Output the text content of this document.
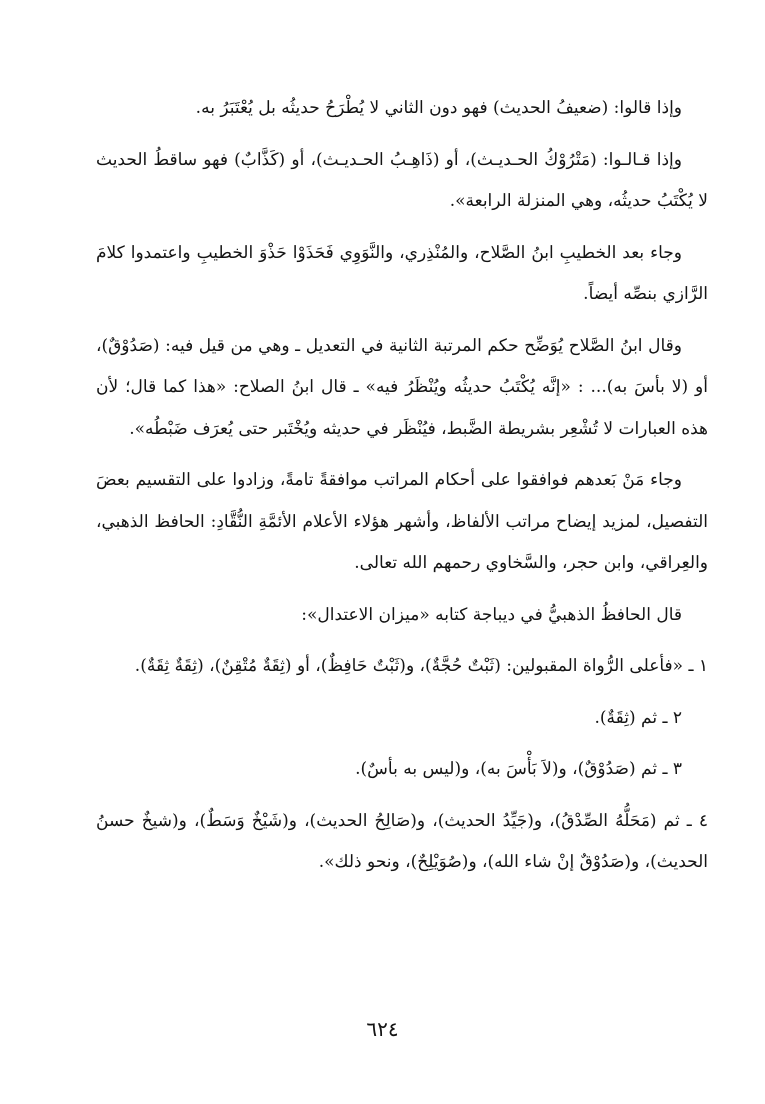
وإذا قالوا: (ضعيفُ الحديث) فهو دون الثاني لا يُطْرَحُ حديثُه بل يُعْتَبَرُ به.

وإذا قـالـوا: (مَتْرُوْكُ الحـديـث)، أو (ذَاهِـبُ الحـديـث)، أو (كَذَّابٌ) فهو ساقطُ الحديث لا يُكْتَبُ حديثُه، وهي المنزلة الرابعة».

وجاء بعد الخطيبِ ابنُ الصَّلاح، والمُنْذِري، والنَّوَوِي فَحَذَوْا حَذْوَ الخطيبِ واعتمدوا كلامَ الرَّازي بنصِّه أيضاً.

وقال ابنُ الصَّلاح يُوَضِّح حكم المرتبة الثانية في التعديل ـ وهي من قيل فيه: (صَدُوْقٌ)، أو (لا بأسَ به)... : «إنَّه يُكْتَبُ حديثُه ويُنْظَرُ فيه» ـ قال ابنُ الصلاح: «هذا كما قال؛ لأن هذه العبارات لا تُشْعِر بشريطة الضَّبط، فيُنْظَر في حديثه ويُخْتَبر حتى يُعرَف ضَبْطُه».

وجاء مَنْ بَعدهم فوافقوا على أحكام المراتب موافقةً تامةً، وزادوا على التقسيم بعضَ التفصيل، لمزيد إيضاح مراتب الألفاظ، وأشهر هؤلاء الأعلام الأئمَّةِ النُّقَّادِ: الحافظ الذهبي، والعِراقي، وابن حجر، والسَّخاوي رحمهم الله تعالى.

قال الحافظُ الذهبيُّ في ديباجة كتابه «ميزان الاعتدال»:

١ ـ «فأعلى الرُّواة المقبولين: (ثَبْتٌ حُجَّةٌ)، و(ثَبْتٌ حَافِظٌ)، أو (ثِقَةٌ مُتْقِنٌ)، (ثِقَةٌ ثِقَةٌ).

٢ ـ ثم (ثِقَةٌ).

٣ ـ ثم (صَدُوْقٌ)، و(لاَ بَأْسَ به)، و(ليس به بأسٌ).

٤ ـ ثم (مَحَلُّهُ الصِّدْقُ)، و(جَيِّدُ الحديث)، و(صَالِحُ الحديث)، و(شَيْخٌ وَسَطٌ)، و(شيخٌ حسنُ الحديث)، و(صَدُوْقٌ إنْ شاء الله)، و(صُوَيْلِحٌ)، ونحو ذلك».

٦٢٤
